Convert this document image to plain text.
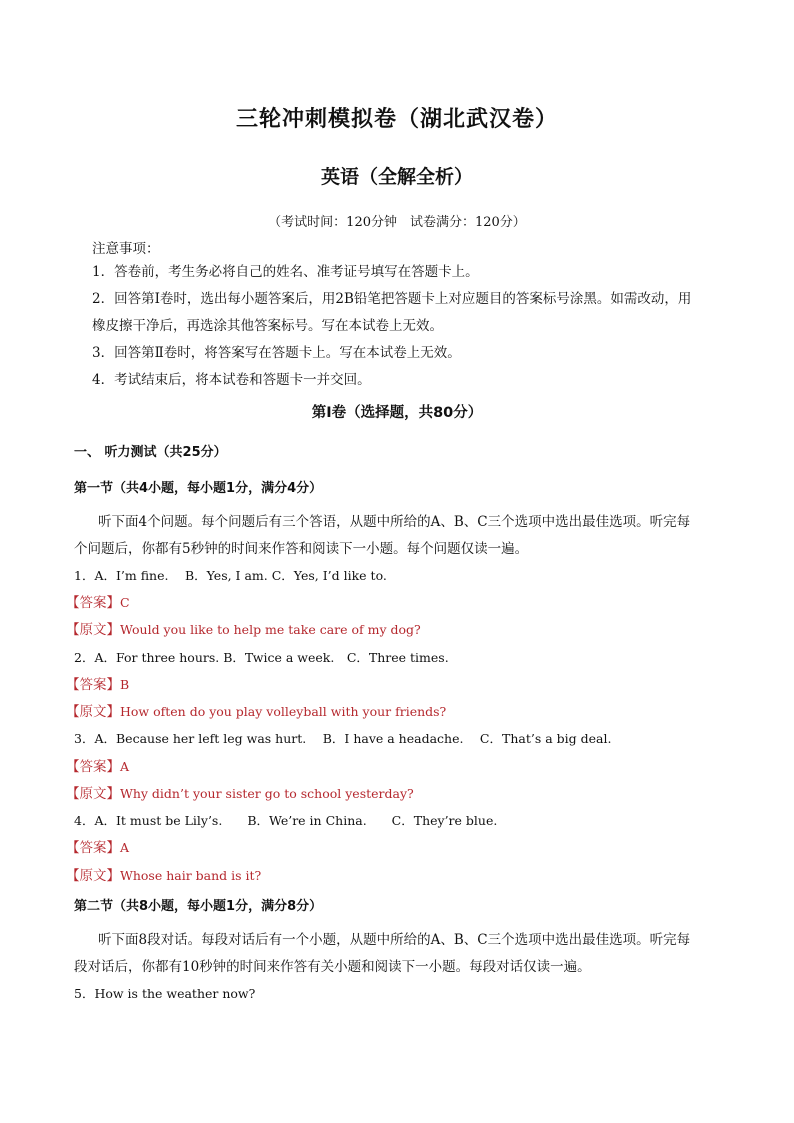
三轮冲刺模拟卷（湖北武汉卷）
英语（全解全析）
（考试时间：120分钟　试卷满分：120分）
注意事项：
1．答卷前，考生务必将自己的姓名、准考证号填写在答题卡上。
2．回答第Ⅰ卷时，选出每小题答案后，用2B铅笔把答题卡上对应题目的答案标号涂黑。如需改动，用
橡皮擦干净后，再选涂其他答案标号。写在本试卷上无效。
3．回答第Ⅱ卷时，将答案写在答题卡上。写在本试卷上无效。
4．考试结束后，将本试卷和答题卡一并交回。
第Ⅰ卷（选择题，共80分）
一、 听力测试（共25分）
第一节（共4小题，每小题1分，满分4分）
听下面4个问题。每个问题后有三个答语，从题中所给的A、B、C三个选项中选出最佳选项。听完每
个问题后，你都有5秒钟的时间来作答和阅读下一小题。每个问题仅读一遍。
1．A．I’m fine.　 B．Yes, I am. C．Yes, I’d like to.
【答案】C
【原文】Would you like to help me take care of my dog?
2．A．For three hours. B．Twice a week.　C．Three times.
【答案】B
【原文】How often do you play volleyball with your friends?
3．A．Because her left leg was hurt.　 B．I have a headache.　 C．That’s a big deal.
【答案】A
【原文】Why didn’t your sister go to school yesterday?
4．A．It must be Lily’s.　　B．We’re in China.　　C．They’re blue.
【答案】A
【原文】Whose hair band is it?
第二节（共8小题，每小题1分，满分8分）
听下面8段对话。每段对话后有一个小题，从题中所给的A、B、C三个选项中选出最佳选项。听完每
段对话后，你都有10秒钟的时间来作答有关小题和阅读下一小题。每段对话仅读一遍。
5．How is the weather now?
